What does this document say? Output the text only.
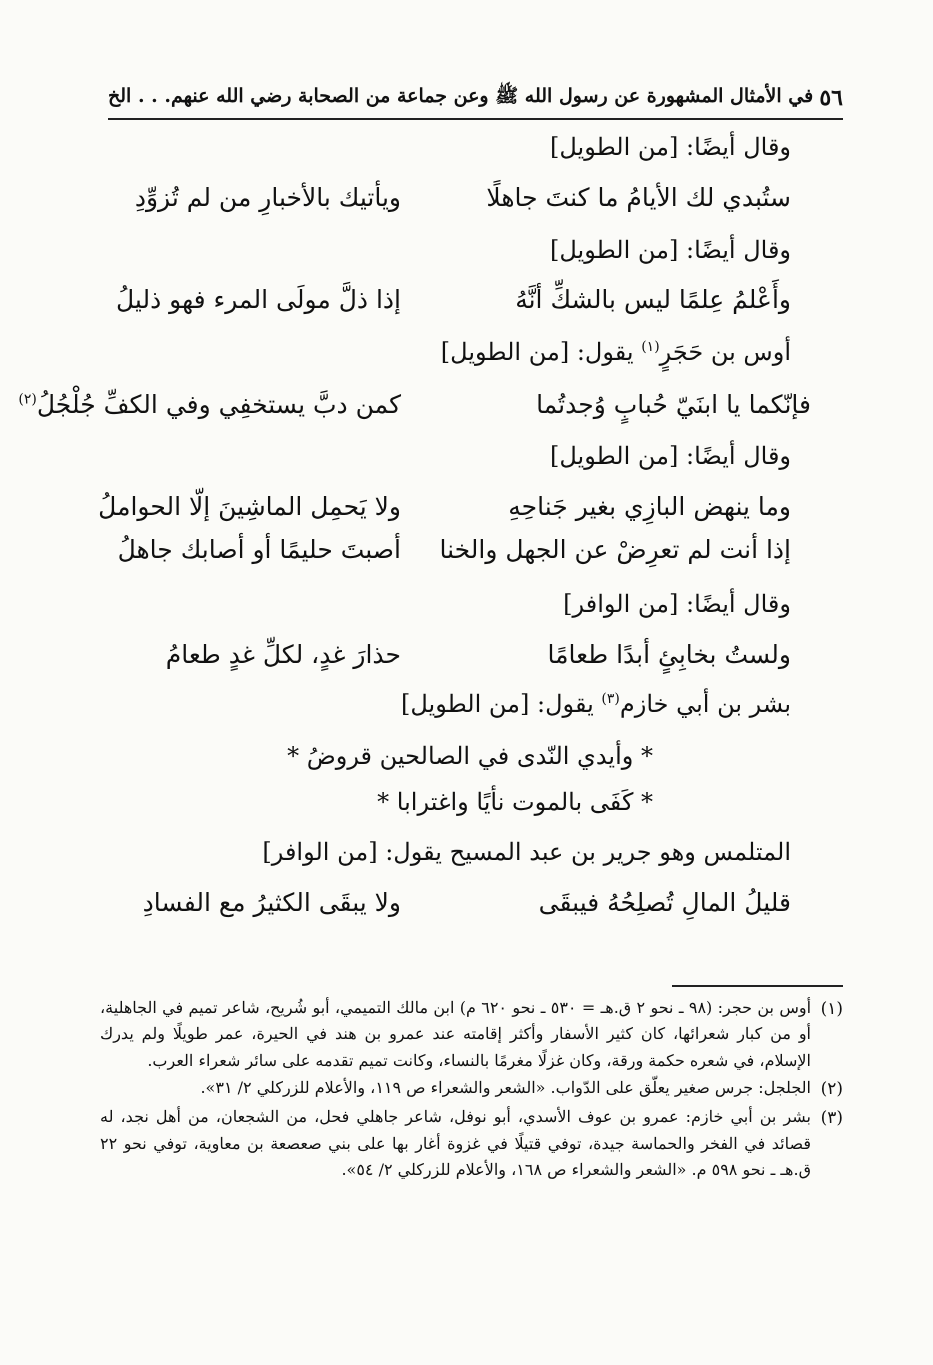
٥٦
في الأمثال المشهورة عن رسول الله ﷺ وعن جماعة من الصحابة رضي الله عنهم. . . الخ
وقال أيضًا: [من الطويل]
ستُبدي لك الأيامُ ما كنتَ جاهلًا
ويأتيك بالأخبارِ من لم تُزوِّدِ
وقال أيضًا: [من الطويل]
وأَعْلمُ عِلمًا ليس بالشكِّ أنَّهُ
إذا ذلَّ مولَى المرء فهو ذليلُ
أوس بن حَجَرٍ$^{(١)}$ يقول: [من الطويل]
فإنّكما يا ابنَيّ حُبابٍ وُجدتُما
كمن دبَّ يستخفِي وفي الكفِّ جُلْجُلُ$^{(٢)}$
وقال أيضًا: [من الطويل]
وما ينهض البازِي بغير جَناحِهِ
ولا يَحمِل الماشِينَ إلّا الحواملُ
إذا أنت لم تعرِضْ عن الجهل والخنا
أصبتَ حليمًا أو أصابك جاهلُ
وقال أيضًا: [من الوافر]
ولستُ بخابِئٍ أبدًا طعامًا
حذارَ غدٍ، لكلِّ غدٍ طعامُ
بشر بن أبي خازم$^{(٣)}$ يقول: [من الطويل]
* وأيدي النّدى في الصالحين قروضُ *
* كَفَى بالموت نأيًا واغترابا *
المتلمس وهو جرير بن عبد المسيح يقول: [من الوافر]
قليلُ المالِ تُصلِحُهُ فيبقَى
ولا يبقَى الكثيرُ مع الفسادِ
(١)
أوس بن حجر: (٩٨ ـ نحو ٢ ق.هـ = ٥٣٠ ـ نحو ٦٢٠ م) ابن مالك التميمي، أبو شُريح، شاعر تميم في الجاهلية، أو من كبار شعرائها، كان كثير الأسفار وأكثر إقامته عند عمرو بن هند في الحيرة، عمر طويلًا ولم يدرك الإسلام، في شعره حكمة ورقة، وكان غزلًا مغرمًا بالنساء، وكانت تميم تقدمه على سائر شعراء العرب.
(٢)
الجلجل: جرس صغير يعلّق على الدّواب. «الشعر والشعراء ص ١١٩، والأعلام للزركلي ٢/ ٣١».
(٣)
بشر بن أبي خازم: عمرو بن عوف الأسدي، أبو نوفل، شاعر جاهلي فحل، من الشجعان، من أهل نجد، له قصائد في الفخر والحماسة جيدة، توفي قتيلًا في غزوة أغار بها على بني صعصعة بن معاوية، توفي نحو ٢٢ ق.هـ ـ نحو ٥٩٨ م. «الشعر والشعراء ص ١٦٨، والأعلام للزركلي ٢/ ٥٤».
